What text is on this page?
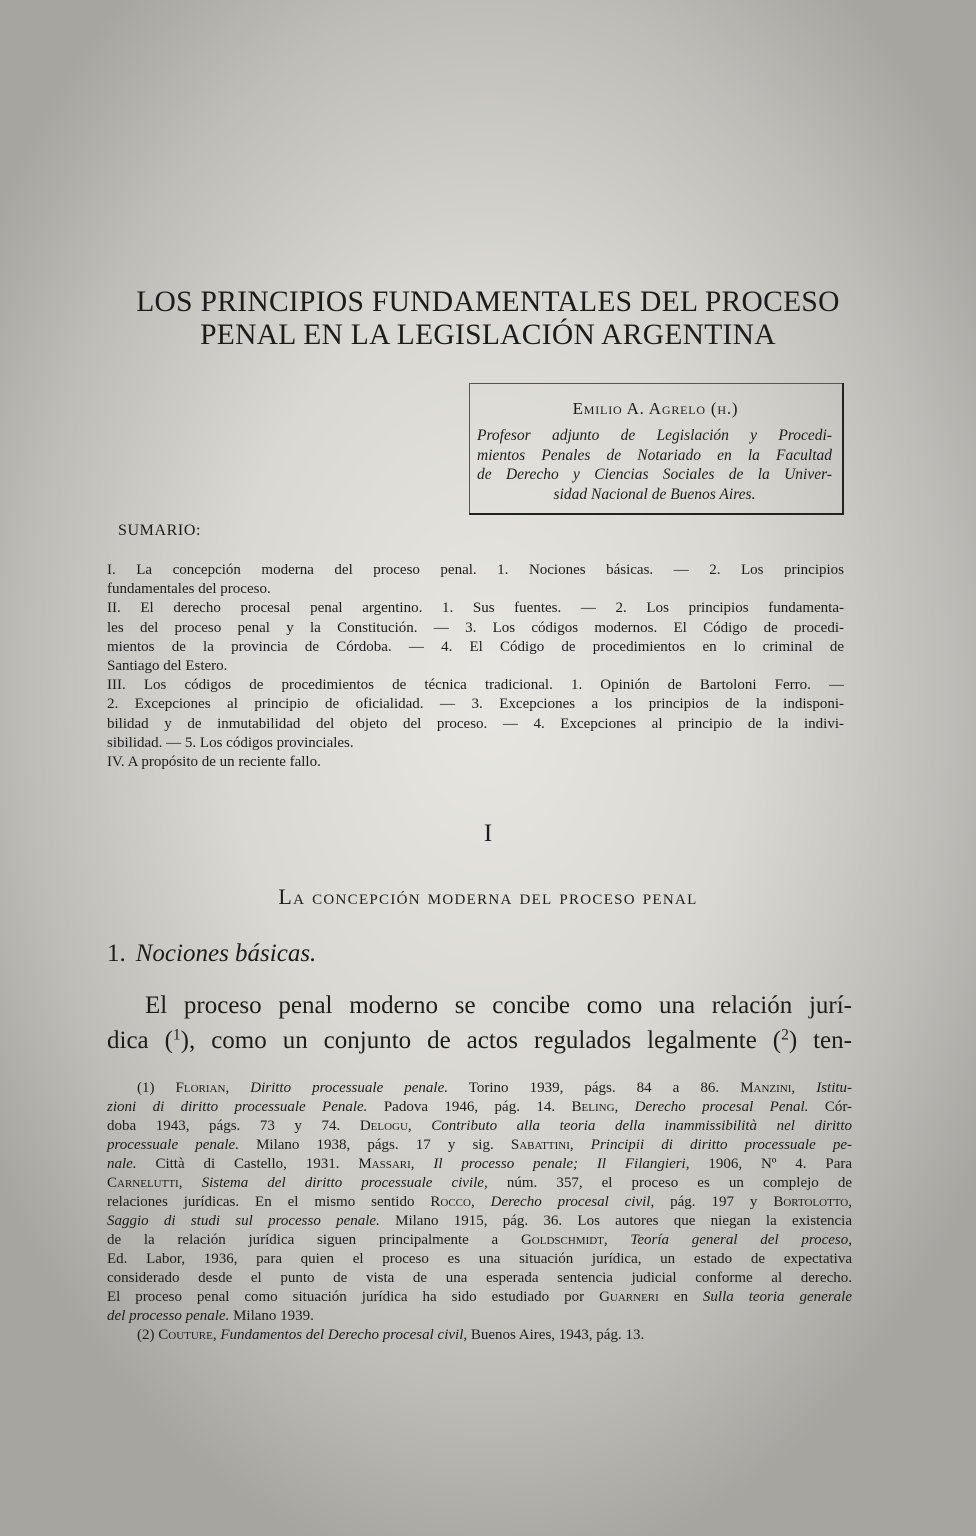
LOS PRINCIPIOS FUNDAMENTALES DEL PROCESO
PENAL EN LA LEGISLACIÓN ARGENTINA
Emilio A. Agrelo (h.)
Profesor adjunto de Legislación y Procedi-
mientos Penales de Notariado en la Facultad
de Derecho y Ciencias Sociales de la Univer-
sidad Nacional de Buenos Aires.
SUMARIO:
I. La concepción moderna del proceso penal. 1. Nociones básicas. — 2. Los principios
fundamentales del proceso.
II. El derecho procesal penal argentino. 1. Sus fuentes. — 2. Los principios fundamenta-
les del proceso penal y la Constitución. — 3. Los códigos modernos. El Código de procedi-
mientos de la provincia de Córdoba. — 4. El Código de procedimientos en lo criminal de
Santiago del Estero.
III. Los códigos de procedimientos de técnica tradicional. 1. Opinión de Bartoloni Ferro. —
2. Excepciones al principio de oficialidad. — 3. Excepciones a los principios de la indisponi-
bilidad y de inmutabilidad del objeto del proceso. — 4. Excepciones al principio de la indivi-
sibilidad. — 5. Los códigos provinciales.
IV. A propósito de un reciente fallo.
I
La concepción moderna del proceso penal
1. Nociones básicas.
El proceso penal moderno se concibe como una relación jurí-
dica ($^1$), como un conjunto de actos regulados legalmente ($^2$) ten-
(1) Florian, Diritto processuale penale. Torino 1939, págs. 84 a 86. Manzini, Istitu-
zioni di diritto processuale Penale. Padova 1946, pág. 14. Beling, Derecho procesal Penal. Cór-
doba 1943, págs. 73 y 74. Delogu, Contributo alla teoria della inammissibilità nel diritto
processuale penale. Milano 1938, págs. 17 y sig. Sabattini, Principii di diritto processuale pe-
nale. Città di Castello, 1931. Massari, Il processo penale; Il Filangieri, 1906, Nº 4. Para
Carnelutti, Sistema del diritto processuale civile, núm. 357, el proceso es un complejo de
relaciones jurídicas. En el mismo sentido Rocco, Derecho procesal civil, pág. 197 y Bortolotto,
Saggio di studi sul processo penale. Milano 1915, pág. 36. Los autores que niegan la existencia
de la relación jurídica siguen principalmente a Goldschmidt, Teoría general del proceso,
Ed. Labor, 1936, para quien el proceso es una situación jurídica, un estado de expectativa
considerado desde el punto de vista de una esperada sentencia judicial conforme al derecho.
El proceso penal como situación jurídica ha sido estudiado por Guarneri en Sulla teoria generale
del processo penale. Milano 1939.
(2) Couture, Fundamentos del Derecho procesal civil, Buenos Aires, 1943, pág. 13.
